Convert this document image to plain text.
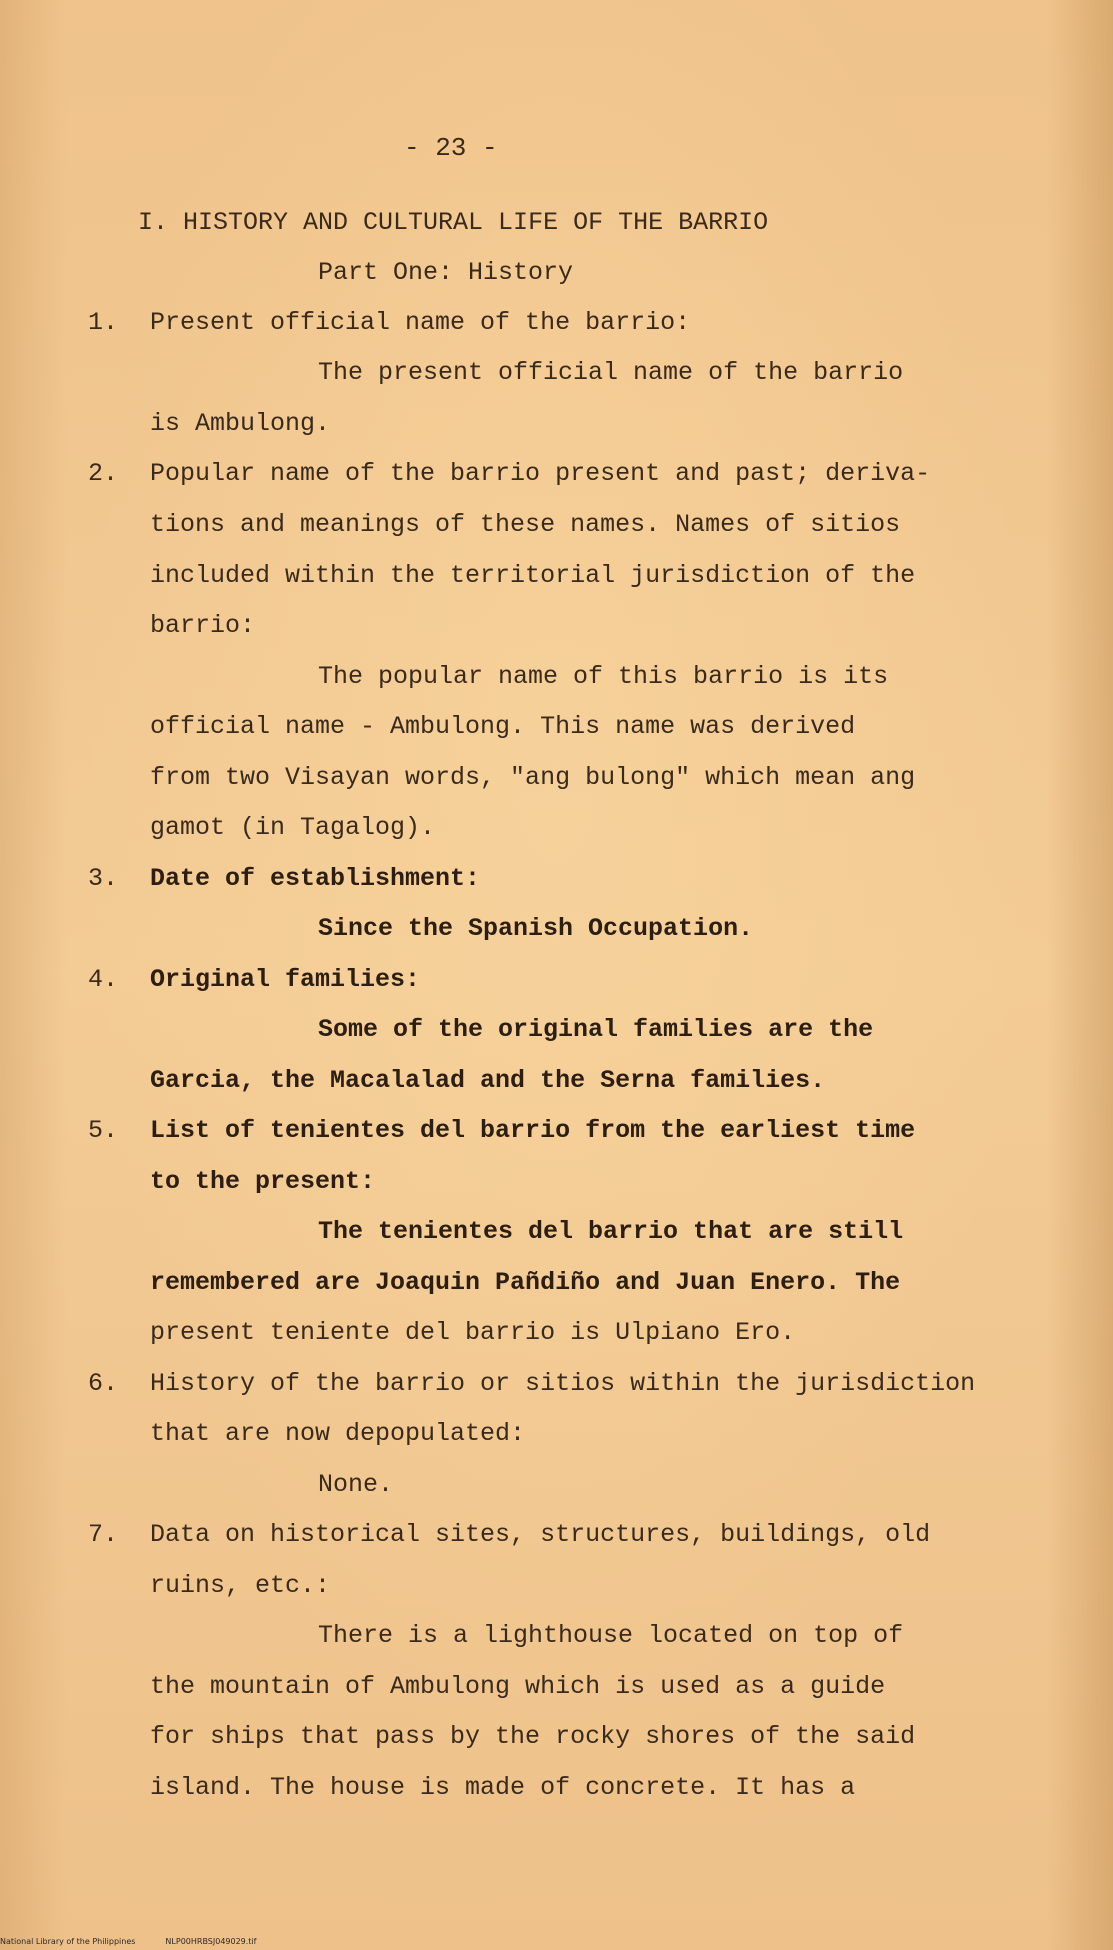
- 23 -
I. HISTORY AND CULTURAL LIFE OF THE BARRIO
Part One: History
1. Present official name of the barrio:
The present official name of the barrio
is Ambulong.
2. Popular name of the barrio present and past; deriva-
tions and meanings of these names. Names of sitios
included within the territorial jurisdiction of the
barrio:
The popular name of this barrio is its
official name - Ambulong. This name was derived
from two Visayan words, "ang bulong" which mean ang
gamot (in Tagalog).
3. Date of establishment:
Since the Spanish Occupation.
4. Original families:
Some of the original families are the
Garcia, the Macalalad and the Serna families.
5. List of tenientes del barrio from the earliest time
to the present:
The tenientes del barrio that are still
remembered are Joaquin Pañdiño and Juan Enero. The
present teniente del barrio is Ulpiano Ero.
6. History of the barrio or sitios within the jurisdiction
that are now depopulated:
None.
7. Data on historical sites, structures, buildings, old
ruins, etc.:
There is a lighthouse located on top of
the mountain of Ambulong which is used as a guide
for ships that pass by the rocky shores of the said
island. The house is made of concrete. It has a
National Library of the Philippines	NLP00HRBSJ049029.tif
